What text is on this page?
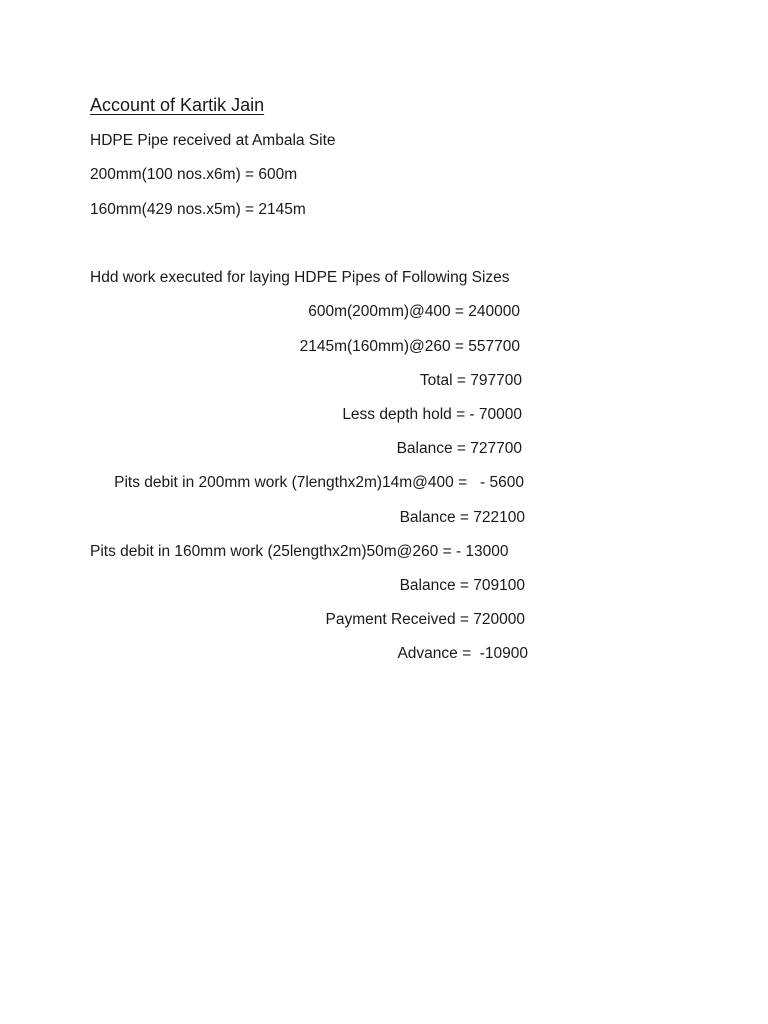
Account of Kartik Jain
HDPE Pipe received at Ambala Site
200mm(100 nos.x6m) = 600m
160mm(429 nos.x5m) = 2145m
Hdd work executed for laying HDPE Pipes of Following Sizes
600m(200mm)@400 = 240000
2145m(160mm)@260 = 557700
Total = 797700
Less depth hold = - 70000
Balance = 727700
Pits debit in 200mm work (7lengthx2m)14m@400 =   - 5600
Balance = 722100
Pits debit in 160mm work (25lengthx2m)50m@260 = - 13000
Balance = 709100
Payment Received = 720000
Advance =  -10900
